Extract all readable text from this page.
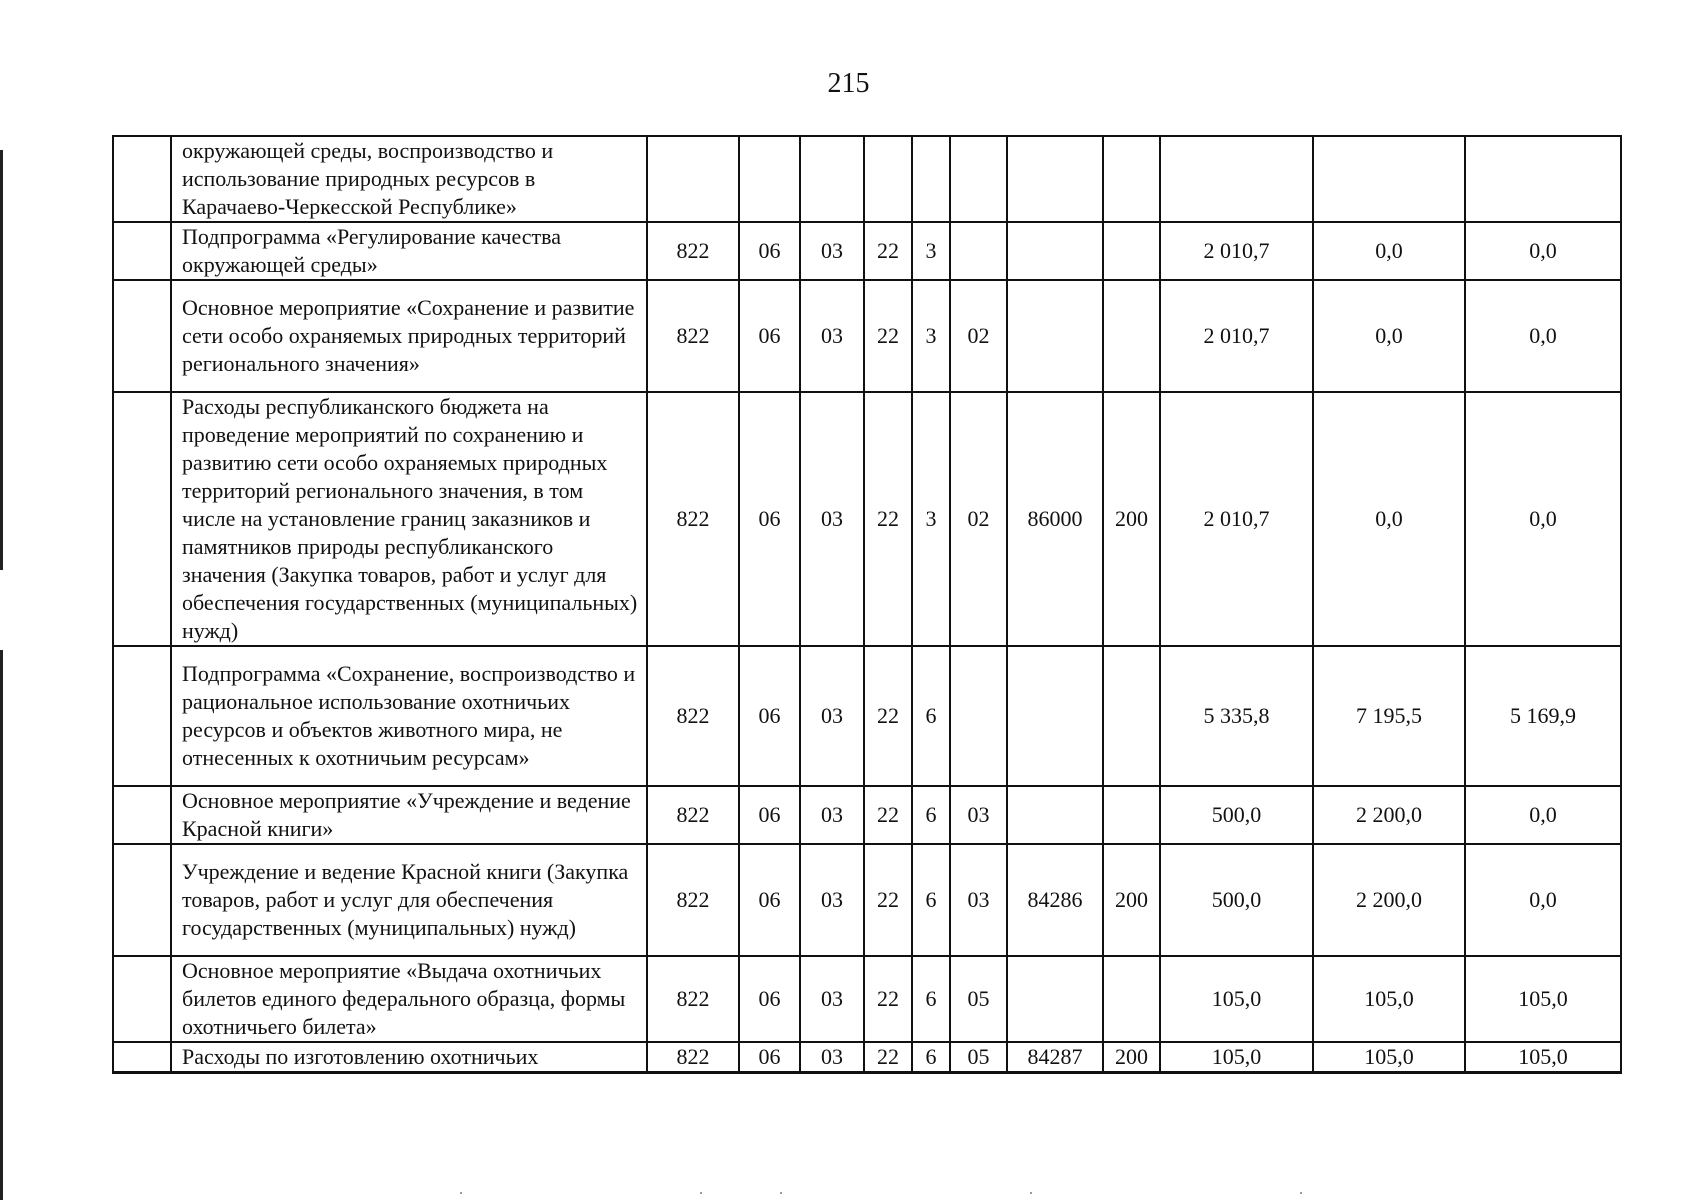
215
	окружающей среды, воспроизводство и использование природных ресурсов в Карачаево-Черкесской Республике»											
	Подпрограмма «Регулирование качества окружающей среды»	822	06	03	22	3				2 010,7	0,0	0,0
	Основное мероприятие «Сохранение и развитие сети особо охраняемых природных территорий регионального значения»	822	06	03	22	3	02			2 010,7	0,0	0,0
	Расходы республиканского бюджета на проведение мероприятий по сохранению и развитию сети особо охраняемых природных территорий регионального значения, в том числе на установление границ заказников и памятников природы республиканского значения (Закупка товаров, работ и услуг для обеспечения государственных (муниципальных) нужд)	822	06	03	22	3	02	86000	200	2 010,7	0,0	0,0
	Подпрограмма «Сохранение, воспроизводство и рациональное использование охотничьих ресурсов и объектов животного мира, не отнесенных к охотничьим ресурсам»	822	06	03	22	6				5 335,8	7 195,5	5 169,9
	Основное мероприятие «Учреждение и ведение Красной книги»	822	06	03	22	6	03			500,0	2 200,0	0,0
	Учреждение и ведение Красной книги (Закупка товаров, работ и услуг для обеспечения государственных (муниципальных) нужд)	822	06	03	22	6	03	84286	200	500,0	2 200,0	0,0
	Основное мероприятие «Выдача охотничьих билетов единого федерального образца, формы охотничьего билета»	822	06	03	22	6	05			105,0	105,0	105,0
	Расходы по изготовлению охотничьих	822	06	03	22	6	05	84287	200	105,0	105,0	105,0
